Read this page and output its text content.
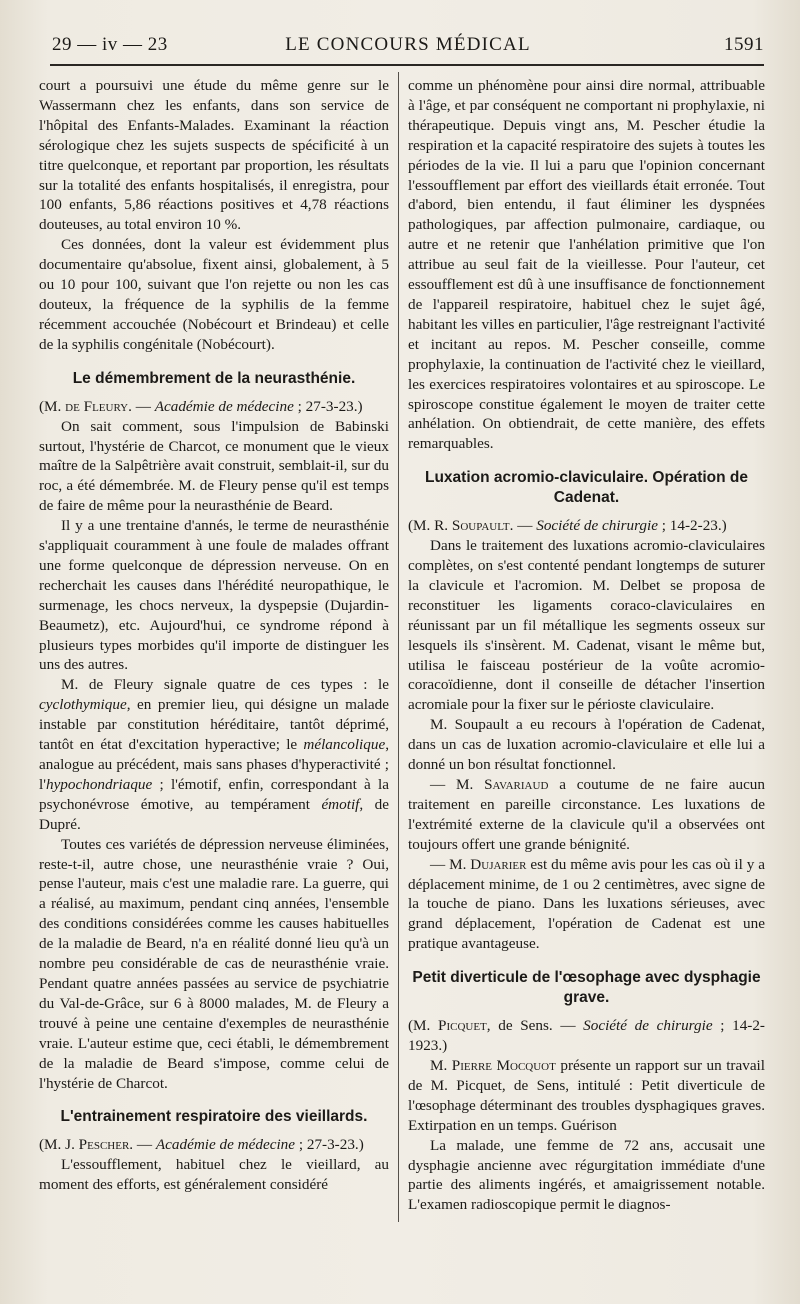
29 — iv — 23	LE CONCOURS MÉDICAL	1591

court a poursuivi une étude du même genre sur le Wassermann chez les enfants, dans son service de l'hôpital des Enfants-Malades. Examinant la réaction sérologique chez les sujets suspects de spécificité à un titre quelconque, et reportant par proportion, les résultats sur la totalité des enfants hospitalisés, il enregistra, pour 100 enfants, 5,86 réactions positives et 4,78 réactions douteuses, au total environ 10 %.

Ces données, dont la valeur est évidemment plus documentaire qu'absolue, fixent ainsi, globalement, à 5 ou 10 pour 100, suivant que l'on rejette ou non les cas douteux, la fréquence de la syphilis de la femme récemment accouchée (Nobécourt et Brindeau) et celle de la syphilis congénitale (Nobécourt).

Le démembrement de la neurasthénie.

(M. de Fleury. — Académie de médecine ; 27-3-23.)

On sait comment, sous l'impulsion de Babinski surtout, l'hystérie de Charcot, ce monument que le vieux maître de la Salpêtrière avait construit, semblait-il, sur du roc, a été démembrée. M. de Fleury pense qu'il est temps de faire de même pour la neurasthénie de Beard.

Il y a une trentaine d'annés, le terme de neurasthénie s'appliquait couramment à une foule de malades offrant une forme quelconque de dépression nerveuse. On en recherchait les causes dans l'hérédité neuropathique, le surmenage, les chocs nerveux, la dyspepsie (Dujardin-Beaumetz), etc. Aujourd'hui, ce syndrome répond à plusieurs types morbides qu'il importe de distinguer les uns des autres.

M. de Fleury signale quatre de ces types : le cyclothymique, en premier lieu, qui désigne un malade instable par constitution héréditaire, tantôt déprimé, tantôt en état d'excitation hyperactive; le mélancolique, analogue au précédent, mais sans phases d'hyperactivité ; l'hypochondriaque ; l'émotif, enfin, correspondant à la psychonévrose émotive, au tempérament émotif, de Dupré.

Toutes ces variétés de dépression nerveuse éliminées, reste-t-il, autre chose, une neurasthénie vraie ? Oui, pense l'auteur, mais c'est une maladie rare. La guerre, qui a réalisé, au maximum, pendant cinq années, l'ensemble des conditions considérées comme les causes habituelles de la maladie de Beard, n'a en réalité donné lieu qu'à un nombre peu considérable de cas de neurasthénie vraie. Pendant quatre années passées au service de psychiatrie du Val-de-Grâce, sur 6 à 8000 malades, M. de Fleury a trouvé à peine une centaine d'exemples de neurasthénie vraie. L'auteur estime que, ceci établi, le démembrement de la maladie de Beard s'impose, comme celui de l'hystérie de Charcot.

L'entrainement respiratoire des vieillards.

(M. J. Pescher. — Académie de médecine ; 27-3-23.)

L'essoufflement, habituel chez le vieillard, au moment des efforts, est généralement considéré

comme un phénomène pour ainsi dire normal, attribuable à l'âge, et par conséquent ne comportant ni prophylaxie, ni thérapeutique. Depuis vingt ans, M. Pescher étudie la respiration et la capacité respiratoire des sujets à toutes les périodes de la vie. Il lui a paru que l'opinion concernant l'essoufflement par effort des vieillards était erronée. Tout d'abord, bien entendu, il faut éliminer les dyspnées pathologiques, par affection pulmonaire, cardiaque, ou autre et ne retenir que l'anhélation primitive que l'on attribue au seul fait de la vieillesse. Pour l'auteur, cet essoufflement est dû à une insuffisance de fonctionnement de l'appareil respiratoire, habituel chez le sujet âgé, habitant les villes en particulier, l'âge restreignant l'activité et incitant au repos. M. Pescher conseille, comme prophylaxie, la continuation de l'activité chez le vieillard, les exercices respiratoires volontaires et au spiroscope. Le spiroscope constitue également le moyen de traiter cette anhélation. On obtiendrait, de cette manière, des effets remarquables.

Luxation acromio-claviculaire. Opération de Cadenat.

(M. R. Soupault. — Société de chirurgie ; 14-2-23.)

Dans le traitement des luxations acromio-claviculaires complètes, on s'est contenté pendant longtemps de suturer la clavicule et l'acromion. M. Delbet se proposa de reconstituer les ligaments coraco-claviculaires en réunissant par un fil métallique les segments osseux sur lesquels ils s'insèrent. M. Cadenat, visant le même but, utilisa le faisceau postérieur de la voûte acromio-coracoïdienne, dont il conseille de détacher l'insertion acromiale pour la fixer sur le périoste claviculaire.

M. Soupault a eu recours à l'opération de Cadenat, dans un cas de luxation acromio-claviculaire et elle lui a donné un bon résultat fonctionnel.

— M. Savariaud a coutume de ne faire aucun traitement en pareille circonstance. Les luxations de l'extrémité externe de la clavicule qu'il a observées ont toujours offert une grande bénignité.

— M. Dujarier est du même avis pour les cas où il y a déplacement minime, de 1 ou 2 centimètres, avec signe de la touche de piano. Dans les luxations sérieuses, avec grand déplacement, l'opération de Cadenat est une pratique avantageuse.

Petit diverticule de l'œsophage avec dysphagie grave.

(M. Picquet, de Sens. — Société de chirurgie ; 14-2-1923.)

M. Pierre Mocquot présente un rapport sur un travail de M. Picquet, de Sens, intitulé : Petit diverticule de l'œsophage déterminant des troubles dysphagiques graves. Extirpation en un temps. Guérison

La malade, une femme de 72 ans, accusait une dysphagie ancienne avec régurgitation immédiate d'une partie des aliments ingérés, et amaigrissement notable. L'examen radioscopique permit le diagnos-
